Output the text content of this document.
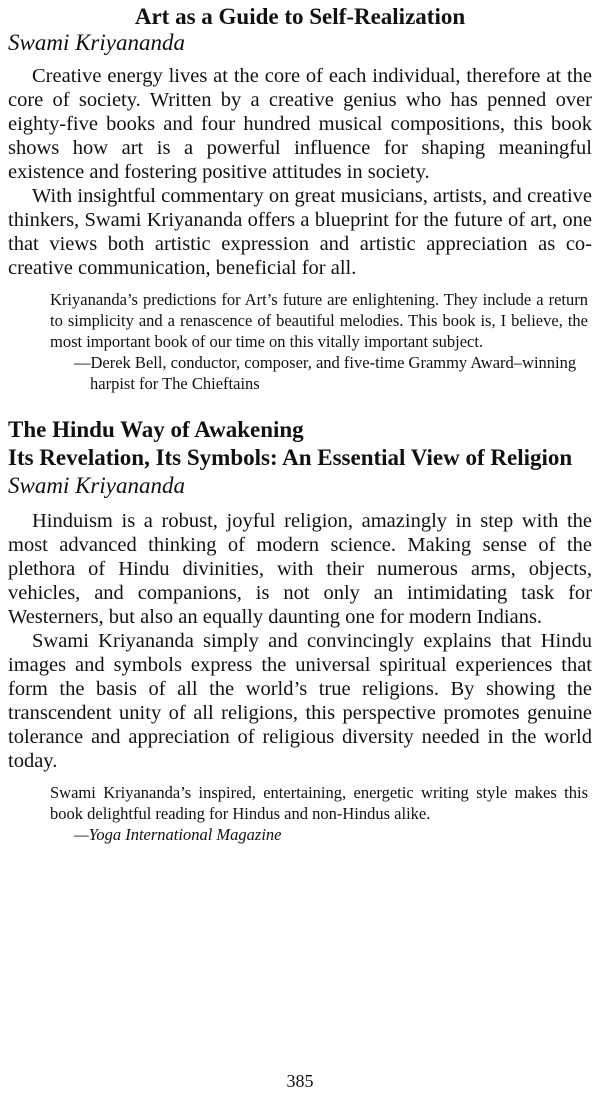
Art as a Guide to Self-Realization

Swami Kriyananda

Creative energy lives at the core of each individual, therefore at the core of society. Written by a creative genius who has penned over eighty-five books and four hundred musical compositions, this book shows how art is a powerful influence for shaping meaningful existence and fostering positive attitudes in society.

With insightful commentary on great musicians, artists, and creative thinkers, Swami Kriyananda offers a blueprint for the future of art, one that views both artistic expression and artistic appreciation as co-creative communication, beneficial for all.

Kriyananda’s predictions for Art’s future are enlightening. They include a return to simplicity and a renascence of beautiful melodies. This book is, I believe, the most important book of our time on this vitally important subject.

—Derek Bell, conductor, composer, and five-time Grammy Award–winning harpist for The Chieftains

The Hindu Way of Awakening
Its Revelation, Its Symbols: An Essential View of Religion

Swami Kriyananda

Hinduism is a robust, joyful religion, amazingly in step with the most advanced thinking of modern science. Making sense of the plethora of Hindu divinities, with their numerous arms, objects, vehicles, and companions, is not only an intimidating task for Westerners, but also an equally daunting one for modern Indians.

Swami Kriyananda simply and convincingly explains that Hindu images and symbols express the universal spiritual experiences that form the basis of all the world’s true religions. By showing the transcendent unity of all religions, this perspective promotes genuine tolerance and appreciation of religious diversity needed in the world today.

Swami Kriyananda’s inspired, entertaining, energetic writing style makes this book delightful reading for Hindus and non-Hindus alike.

—Yoga International Magazine

385
